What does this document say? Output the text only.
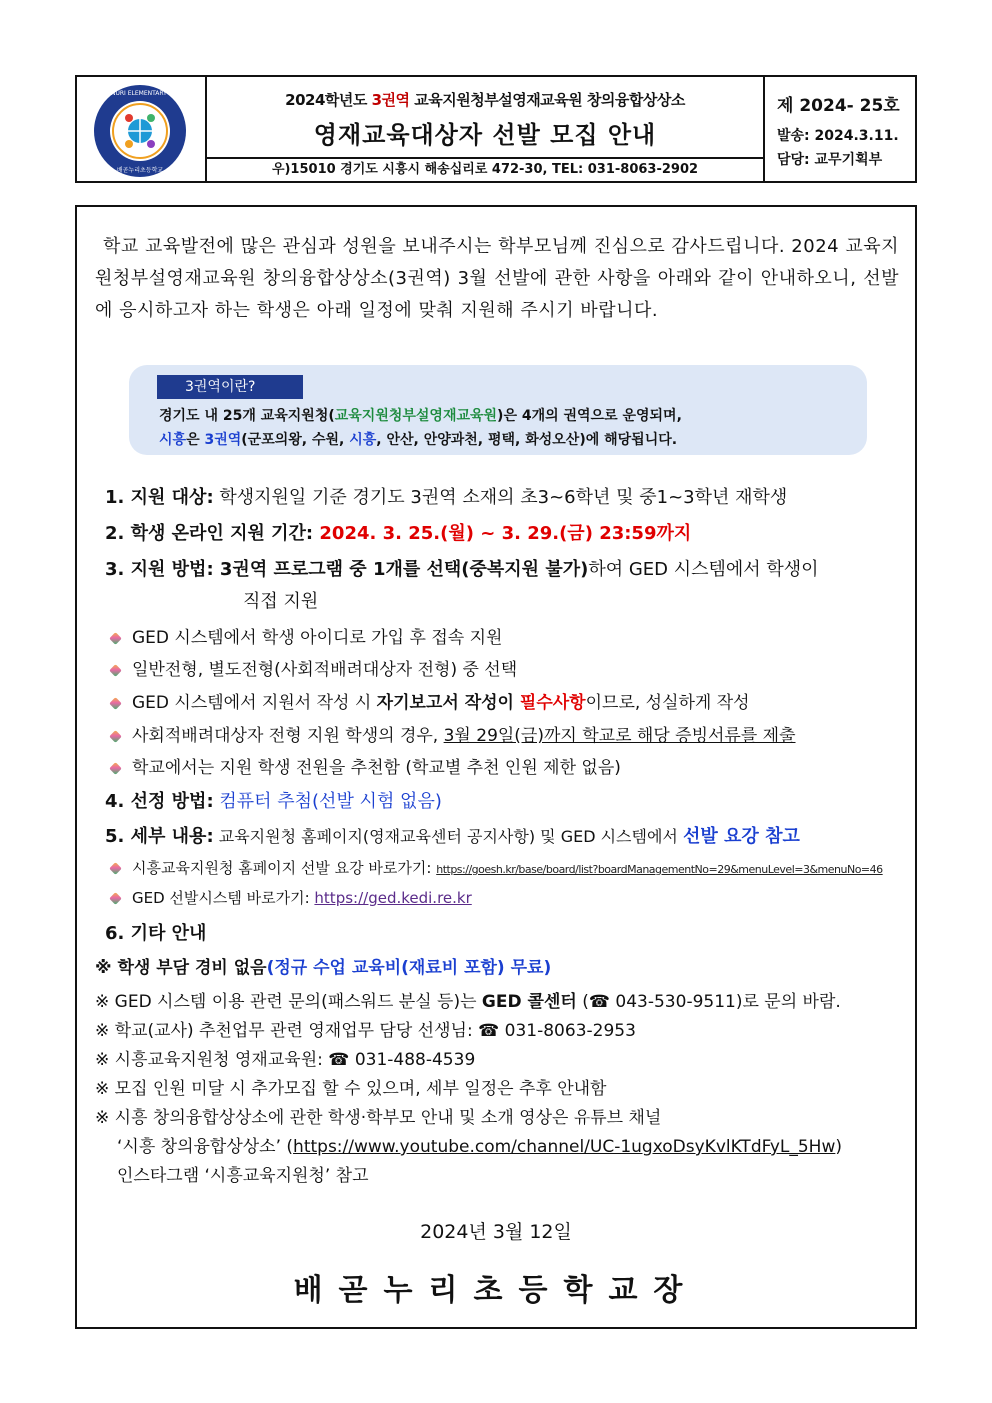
BAEGOTNURI ELEMENTARY SCHOOL
배곧누리초등학교
2024학년도 3권역 교육지원청부설영재교육원 창의융합상상소
영재교육대상자 선발 모집 안내
우)15010 경기도 시흥시 해송십리로 472-30, TEL: 031-8063-2902
제 2024- 25호
발송: 2024.3.11.
담당: 교무기획부

학교 교육발전에 많은 관심과 성원을 보내주시는 학부모님께 진심으로 감사드립니다. 2024 교육지원청부설영재교육원 창의융합상상소(3권역) 3월 선발에 관한 사항을 아래와 같이 안내하오니, 선발에 응시하고자 하는 학생은 아래 일정에 맞춰 지원해 주시기 바랍니다.

3권역이란?
경기도 내 25개 교육지원청(교육지원청부설영재교육원)은 4개의 권역으로 운영되며,
시흥은 3권역(군포의왕, 수원, 시흥, 안산, 안양과천, 평택, 화성오산)에 해당됩니다.
1. 지원 대상: 학생지원일 기준 경기도 3권역 소재의 초3~6학년 및 중1~3학년 재학생
2. 학생 온라인 지원 기간: 2024. 3. 25.(월) ~ 3. 29.(금) 23:59까지
3. 지원 방법: 3권역 프로그램 중 1개를 선택(중복지원 불가)하여 GED 시스템에서 학생이
직접 지원
GED 시스템에서 학생 아이디로 가입 후 접속 지원
일반전형, 별도전형(사회적배려대상자 전형) 중 선택
GED 시스템에서 지원서 작성 시 자기보고서 작성이 필수사항이므로, 성실하게 작성
사회적배려대상자 전형 지원 학생의 경우, 3월 29일(금)까지 학교로 해당 증빙서류를 제출
학교에서는 지원 학생 전원을 추천함 (학교별 추천 인원 제한 없음)
4. 선정 방법: 컴퓨터 추첨(선발 시험 없음)
5. 세부 내용: 교육지원청 홈페이지(영재교육센터 공지사항) 및 GED 시스템에서 선발 요강 참고
시흥교육지원청 홈페이지 선발 요강 바로가기: https://goesh.kr/base/board/list?boardManagementNo=29&menuLevel=3&menuNo=46
GED 선발시스템 바로가기: https://ged.kedi.re.kr
6. 기타 안내
※ 학생 부담 경비 없음(정규 수업 교육비(재료비 포함) 무료)
※ GED 시스템 이용 관련 문의(패스워드 분실 등)는 GED 콜센터 (☎ 043-530-9511)로 문의 바람.
※ 학교(교사) 추천업무 관련 영재업무 담당 선생님: ☎ 031-8063-2953
※ 시흥교육지원청 영재교육원: ☎ 031-488-4539
※ 모집 인원 미달 시 추가모집 할 수 있으며, 세부 일정은 추후 안내함
※ 시흥 창의융합상상소에 관한 학생·학부모 안내 및 소개 영상은 유튜브 채널
‘시흥 창의융합상상소’ (https://www.youtube.com/channel/UC-1ugxoDsyKvlKTdFyL_5Hw)
인스타그램 ‘시흥교육지원청’ 참고
2024년 3월 12일
배곧누리초등학교장
